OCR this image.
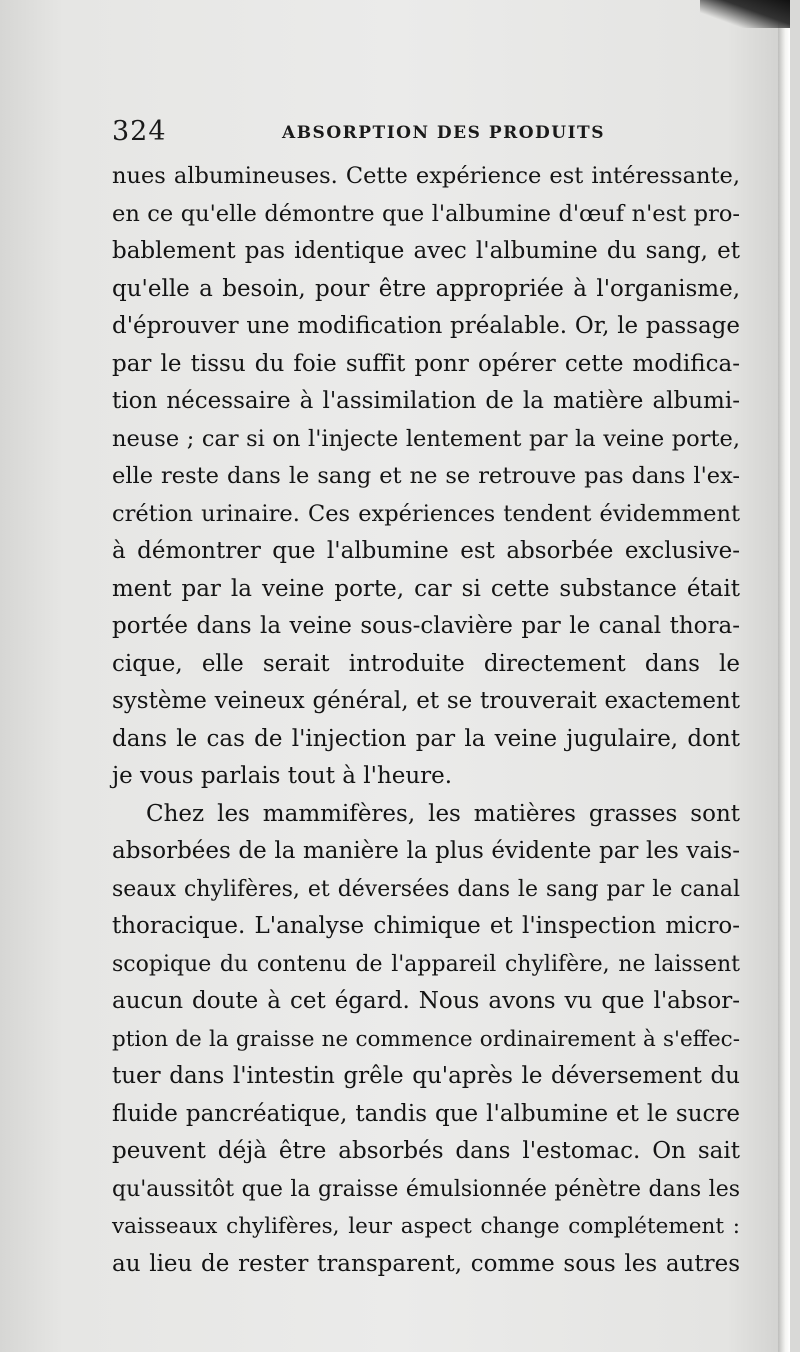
324	ABSORPTION DES PRODUITS
nues albumineuses. Cette expérience est intéressante,
en ce qu'elle démontre que l'albumine d'œuf n'est pro-
bablement pas identique avec l'albumine du sang, et
qu'elle a besoin, pour être appropriée à l'organisme,
d'éprouver une modification préalable. Or, le passage
par le tissu du foie suffit ponr opérer cette modifica-
tion nécessaire à l'assimilation de la matière albumi-
neuse ; car si on l'injecte lentement par la veine porte,
elle reste dans le sang et ne se retrouve pas dans l'ex-
crétion urinaire. Ces expériences tendent évidemment
à démontrer que l'albumine est absorbée exclusive-
ment par la veine porte, car si cette substance était
portée dans la veine sous-clavière par le canal thora-
cique, elle serait introduite directement dans le
système veineux général, et se trouverait exactement
dans le cas de l'injection par la veine jugulaire, dont
je vous parlais tout à l'heure.
Chez les mammifères, les matières grasses sont
absorbées de la manière la plus évidente par les vais-
seaux chylifères, et déversées dans le sang par le canal
thoracique. L'analyse chimique et l'inspection micro-
scopique du contenu de l'appareil chylifère, ne laissent
aucun doute à cet égard. Nous avons vu que l'absor-
ption de la graisse ne commence ordinairement à s'effec-
tuer dans l'intestin grêle qu'après le déversement du
fluide pancréatique, tandis que l'albumine et le sucre
peuvent déjà être absorbés dans l'estomac. On sait
qu'aussitôt que la graisse émulsionnée pénètre dans les
vaisseaux chylifères, leur aspect change complétement :
au lieu de rester transparent, comme sous les autres
